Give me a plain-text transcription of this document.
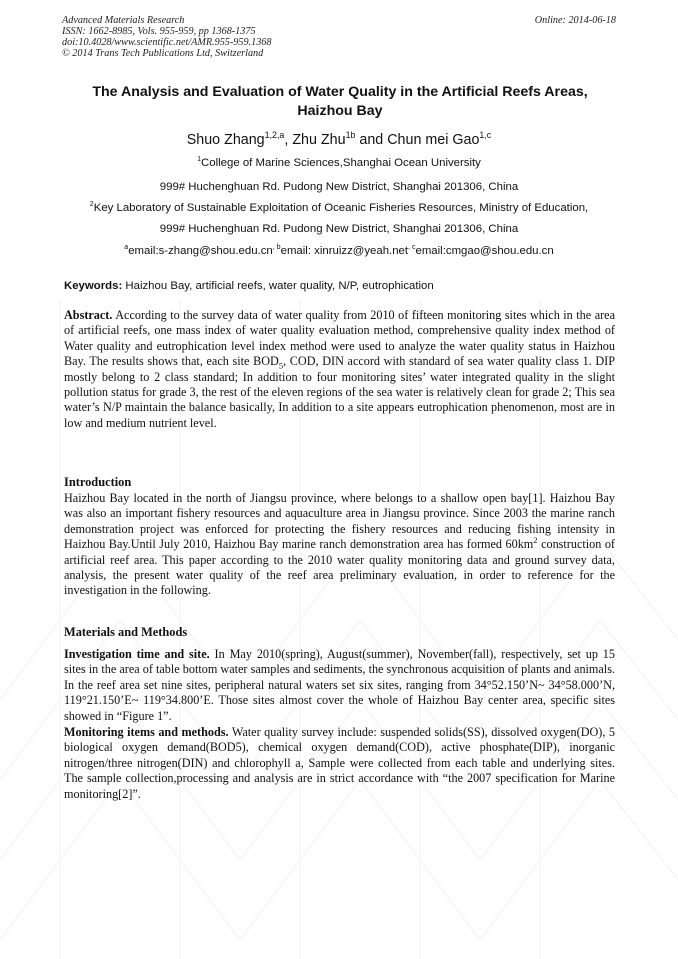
Advanced Materials Research
ISSN: 1662-8985, Vols. 955-959, pp 1368-1375
doi:10.4028/www.scientific.net/AMR.955-959.1368
© 2014 Trans Tech Publications Ltd, Switzerland
Online: 2014-06-18
The Analysis and Evaluation of Water Quality in the Artificial Reefs Areas, Haizhou Bay
Shuo Zhang$^{1,2,a}$, Zhu Zhu$^{1b}$ and Chun mei Gao$^{1,c}$
$^1$College of Marine Sciences,Shanghai Ocean University
999# Huchenghuan Rd. Pudong New District, Shanghai 201306, China
$^2$Key Laboratory of Sustainable Exploitation of Oceanic Fisheries Resources, Ministry of Education,
999# Huchenghuan Rd. Pudong New District, Shanghai 201306, China
$^aemail:s-zhang@shou.edu.cn^{, b}email$: xinruizz@yeah.net$^{, c}$email:cmgao@shou.edu.cn
Keywords: Haizhou Bay, artificial reefs, water quality, N/P, eutrophication
Abstract. According to the survey data of water quality from 2010 of fifteen monitoring sites which in the area of artificial reefs, one mass index of water quality evaluation method, comprehensive quality index method of Water quality and eutrophication level index method were used to analyze the water quality status in Haizhou Bay. The results shows that, each site $BOD_5$, COD, DIN accord with standard of sea water quality class 1. DIP mostly belong to 2 class standard; In addition to four monitoring sites’ water integrated quality in the slight pollution status for grade 3, the rest of the eleven regions of the sea water is relatively clean for grade 2; This sea water’s N/P maintain the balance basically, In addition to a site appears eutrophication phenomenon, most are in low and medium nutrient level.
Introduction
Haizhou Bay located in the north of Jiangsu province, where belongs to a shallow open bay[1]. Haizhou Bay was also an important fishery resources and aquaculture area in Jiangsu province. Since 2003 the marine ranch demonstration project was enforced for protecting the fishery resources and reducing fishing intensity in Haizhou Bay.Until July 2010, Haizhou Bay marine ranch demonstration area has formed $60km^2$ construction of artificial reef area. This paper according to the 2010 water quality monitoring data and ground survey data, analysis, the present water quality of the reef area preliminary evaluation, in order to reference for the investigation in the following.
Materials and Methods
Investigation time and site. In May 2010(spring), August(summer), November(fall), respectively, set up 15 sites in the area of table bottom water samples and sediments, the synchronous acquisition of plants and animals. In the reef area set nine sites, peripheral natural waters set six sites, ranging from 34°52.150’N~ 34°58.000’N, 119°21.150’E~ 119°34.800’E. Those sites almost cover the whole of Haizhou Bay center area, specific sites showed in “Figure 1”.
Monitoring items and methods. Water quality survey include: suspended solids(SS), dissolved oxygen(DO), 5 biological oxygen demand(BOD5), chemical oxygen demand(COD), active phosphate(DIP), inorganic nitrogen/three nitrogen(DIN) and chlorophyll a, Sample were collected from each table and underlying sites. The sample collection,processing and analysis are in strict accordance with “the 2007 specification for Marine monitoring[2]”.
